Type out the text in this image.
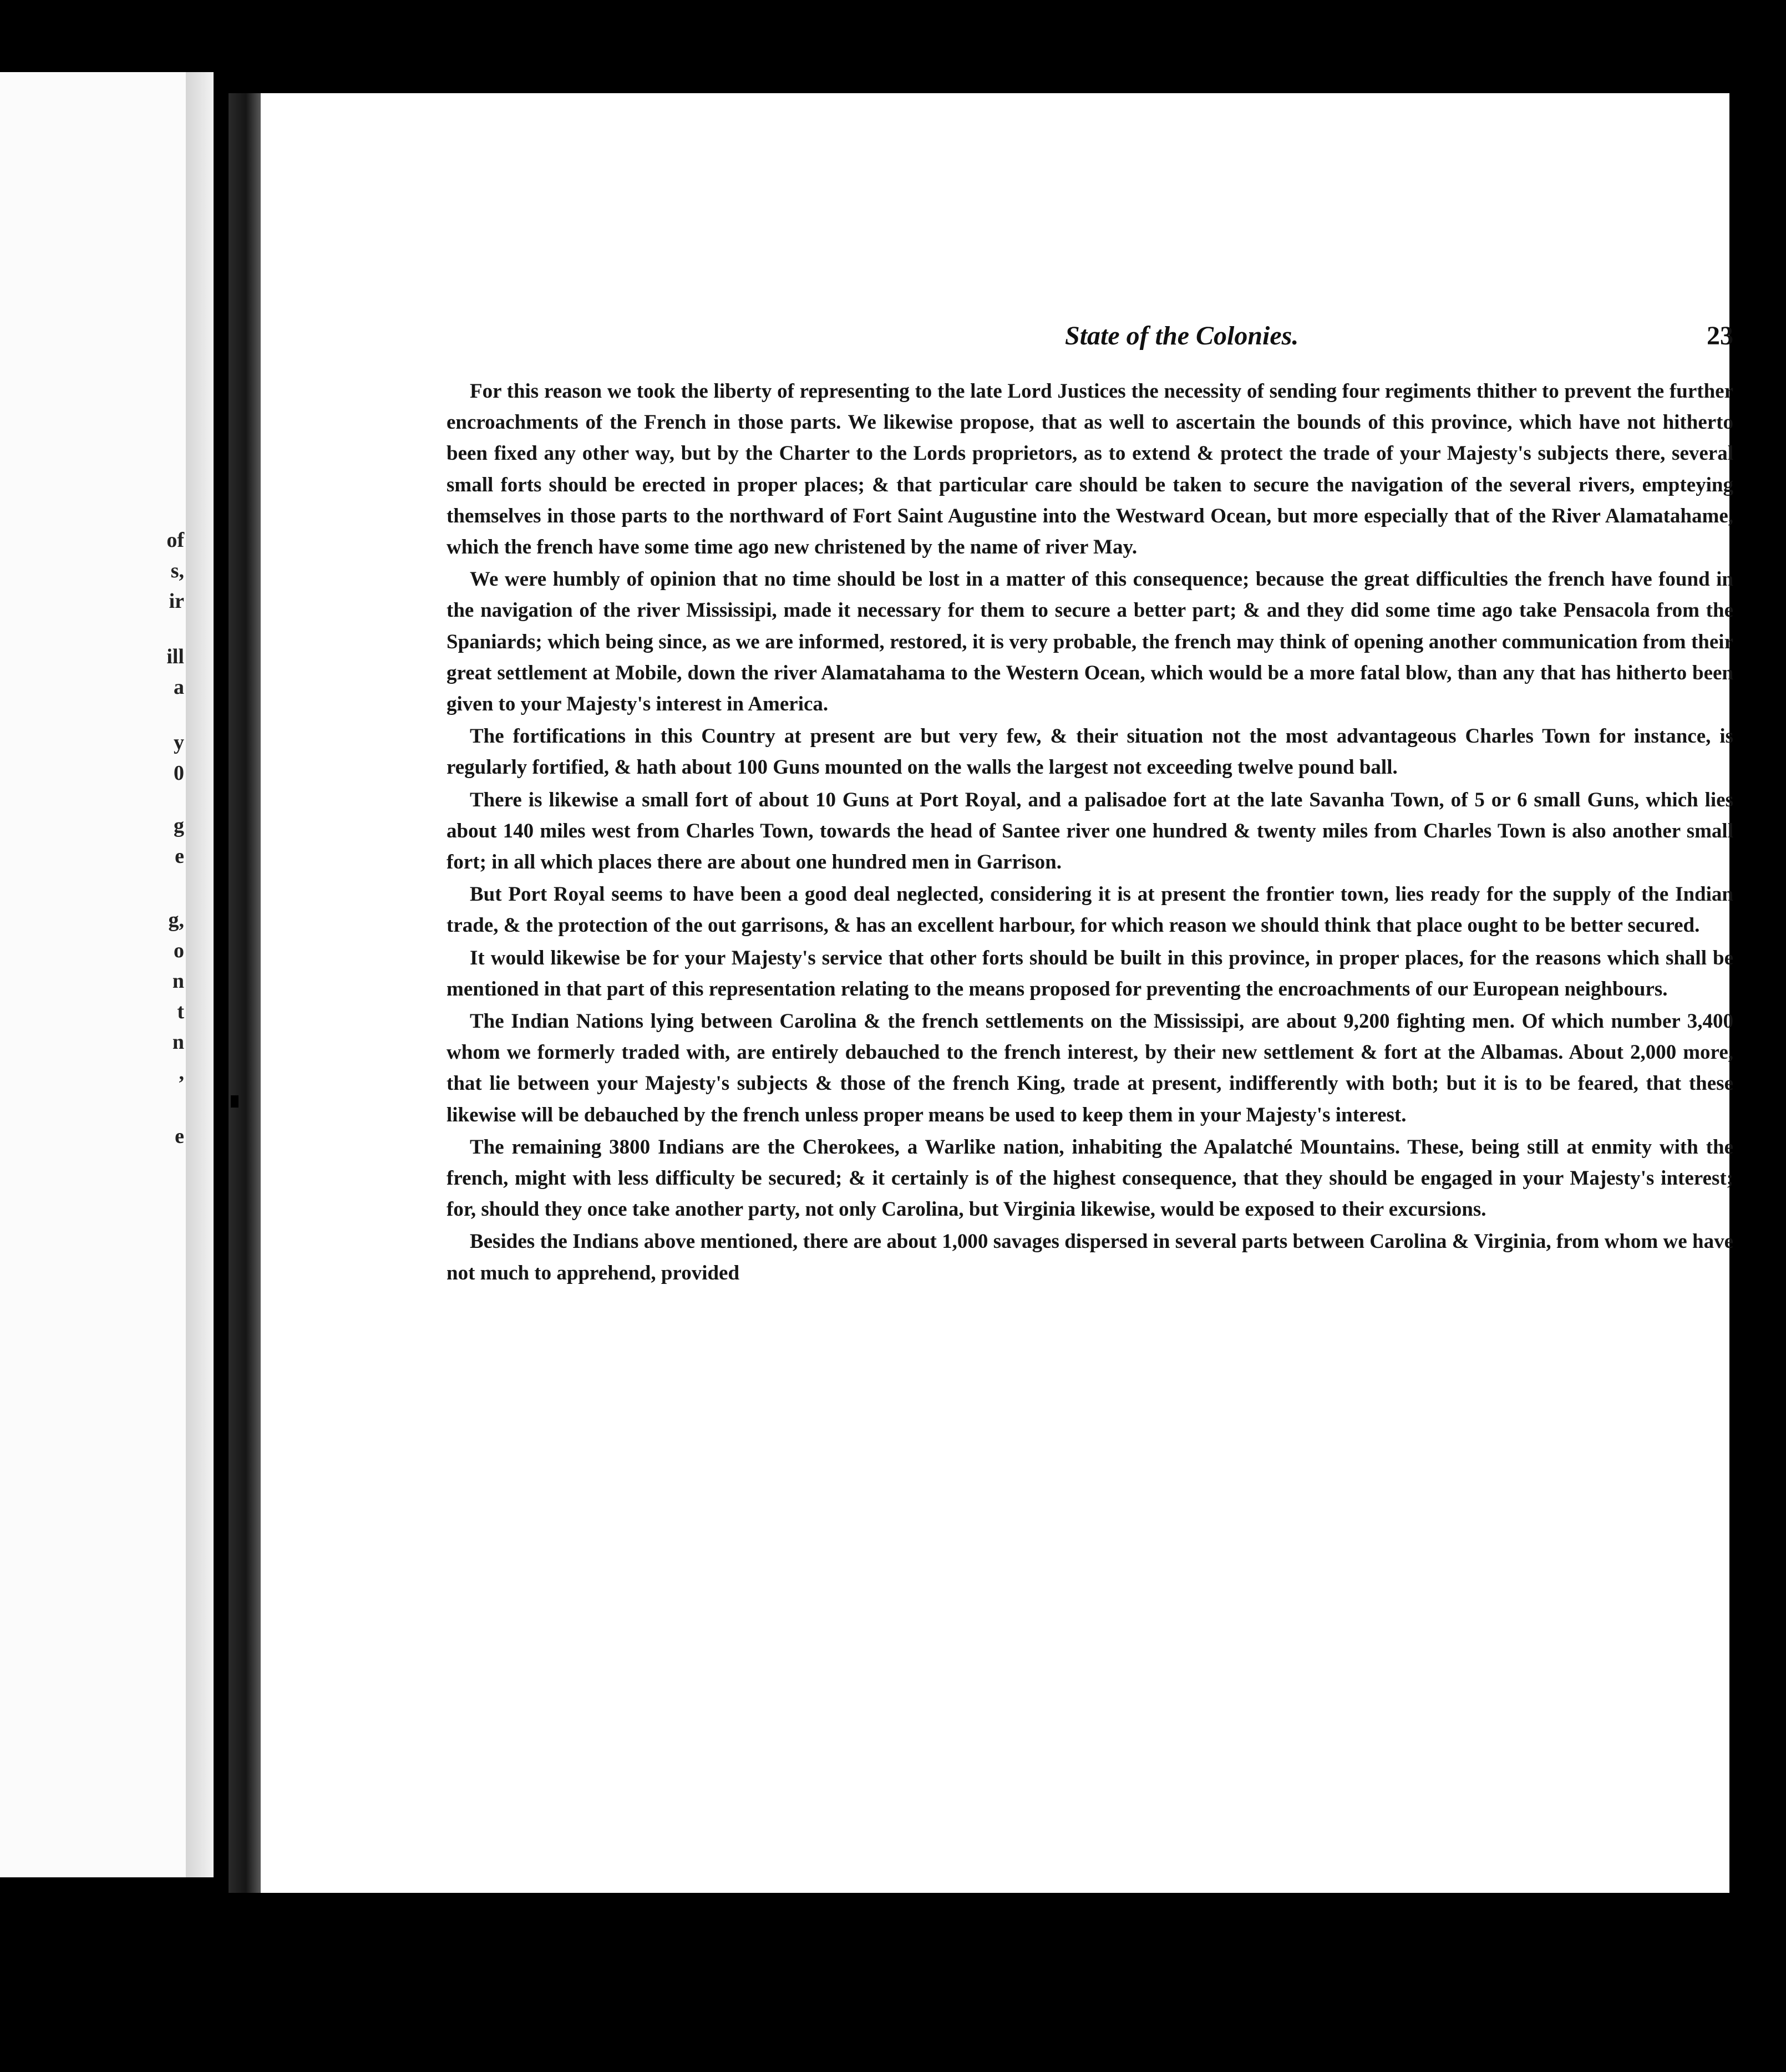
of
s,
ir
ill
a
y
0
g
e
g,
o
n
t
n
,
e
State of the Colonies.	23

For this reason we took the liberty of representing to the late Lord Justices the necessity of sending four regiments thither to prevent the further encroachments of the French in those parts. We likewise propose, that as well to ascertain the bounds of this province, which have not hitherto been fixed any other way, but by the Charter to the Lords proprietors, as to extend & protect the trade of your Majesty's subjects there, several small forts should be erected in proper places; & that particular care should be taken to secure the navigation of the several rivers, empteying themselves in those parts to the northward of Fort Saint Augustine into the Westward Ocean, but more especially that of the River Alamatahame, which the french have some time ago new christened by the name of river May.

We were humbly of opinion that no time should be lost in a matter of this consequence; because the great difficulties the french have found in the navigation of the river Mississipi, made it necessary for them to secure a better part; & and they did some time ago take Pensacola from the Spaniards; which being since, as we are informed, restored, it is very probable, the french may think of opening another communication from their great settlement at Mobile, down the river Alamatahama to the Western Ocean, which would be a more fatal blow, than any that has hitherto been given to your Majesty's interest in America.

The fortifications in this Country at present are but very few, & their situation not the most advantageous Charles Town for instance, is regularly fortified, & hath about 100 Guns mounted on the walls the largest not exceeding twelve pound ball.

There is likewise a small fort of about 10 Guns at Port Royal, and a palisadoe fort at the late Savanha Town, of 5 or 6 small Guns, which lies about 140 miles west from Charles Town, towards the head of Santee river one hundred & twenty miles from Charles Town is also another small fort; in all which places there are about one hundred men in Garrison.

But Port Royal seems to have been a good deal neglected, considering it is at present the frontier town, lies ready for the supply of the Indian trade, & the protection of the out garrisons, & has an excellent harbour, for which reason we should think that place ought to be better secured.

It would likewise be for your Majesty's service that other forts should be built in this province, in proper places, for the reasons which shall be mentioned in that part of this representation relating to the means proposed for preventing the encroachments of our European neighbours.

The Indian Nations lying between Carolina & the french settlements on the Mississipi, are about 9,200 fighting men. Of which number 3,400 whom we formerly traded with, are entirely debauched to the french interest, by their new settlement & fort at the Albamas. About 2,000 more, that lie between your Majesty's subjects & those of the french King, trade at present, indifferently with both; but it is to be feared, that these likewise will be debauched by the french unless proper means be used to keep them in your Majesty's interest.

The remaining 3800 Indians are the Cherokees, a Warlike nation, inhabiting the Apalatché Mountains. These, being still at enmity with the french, might with less difficulty be secured; & it certainly is of the highest consequence, that they should be engaged in your Majesty's interest; for, should they once take another party, not only Carolina, but Virginia likewise, would be exposed to their excursions.

Besides the Indians above mentioned, there are about 1,000 savages dispersed in several parts between Carolina & Virginia, from whom we have not much to apprehend, provided
